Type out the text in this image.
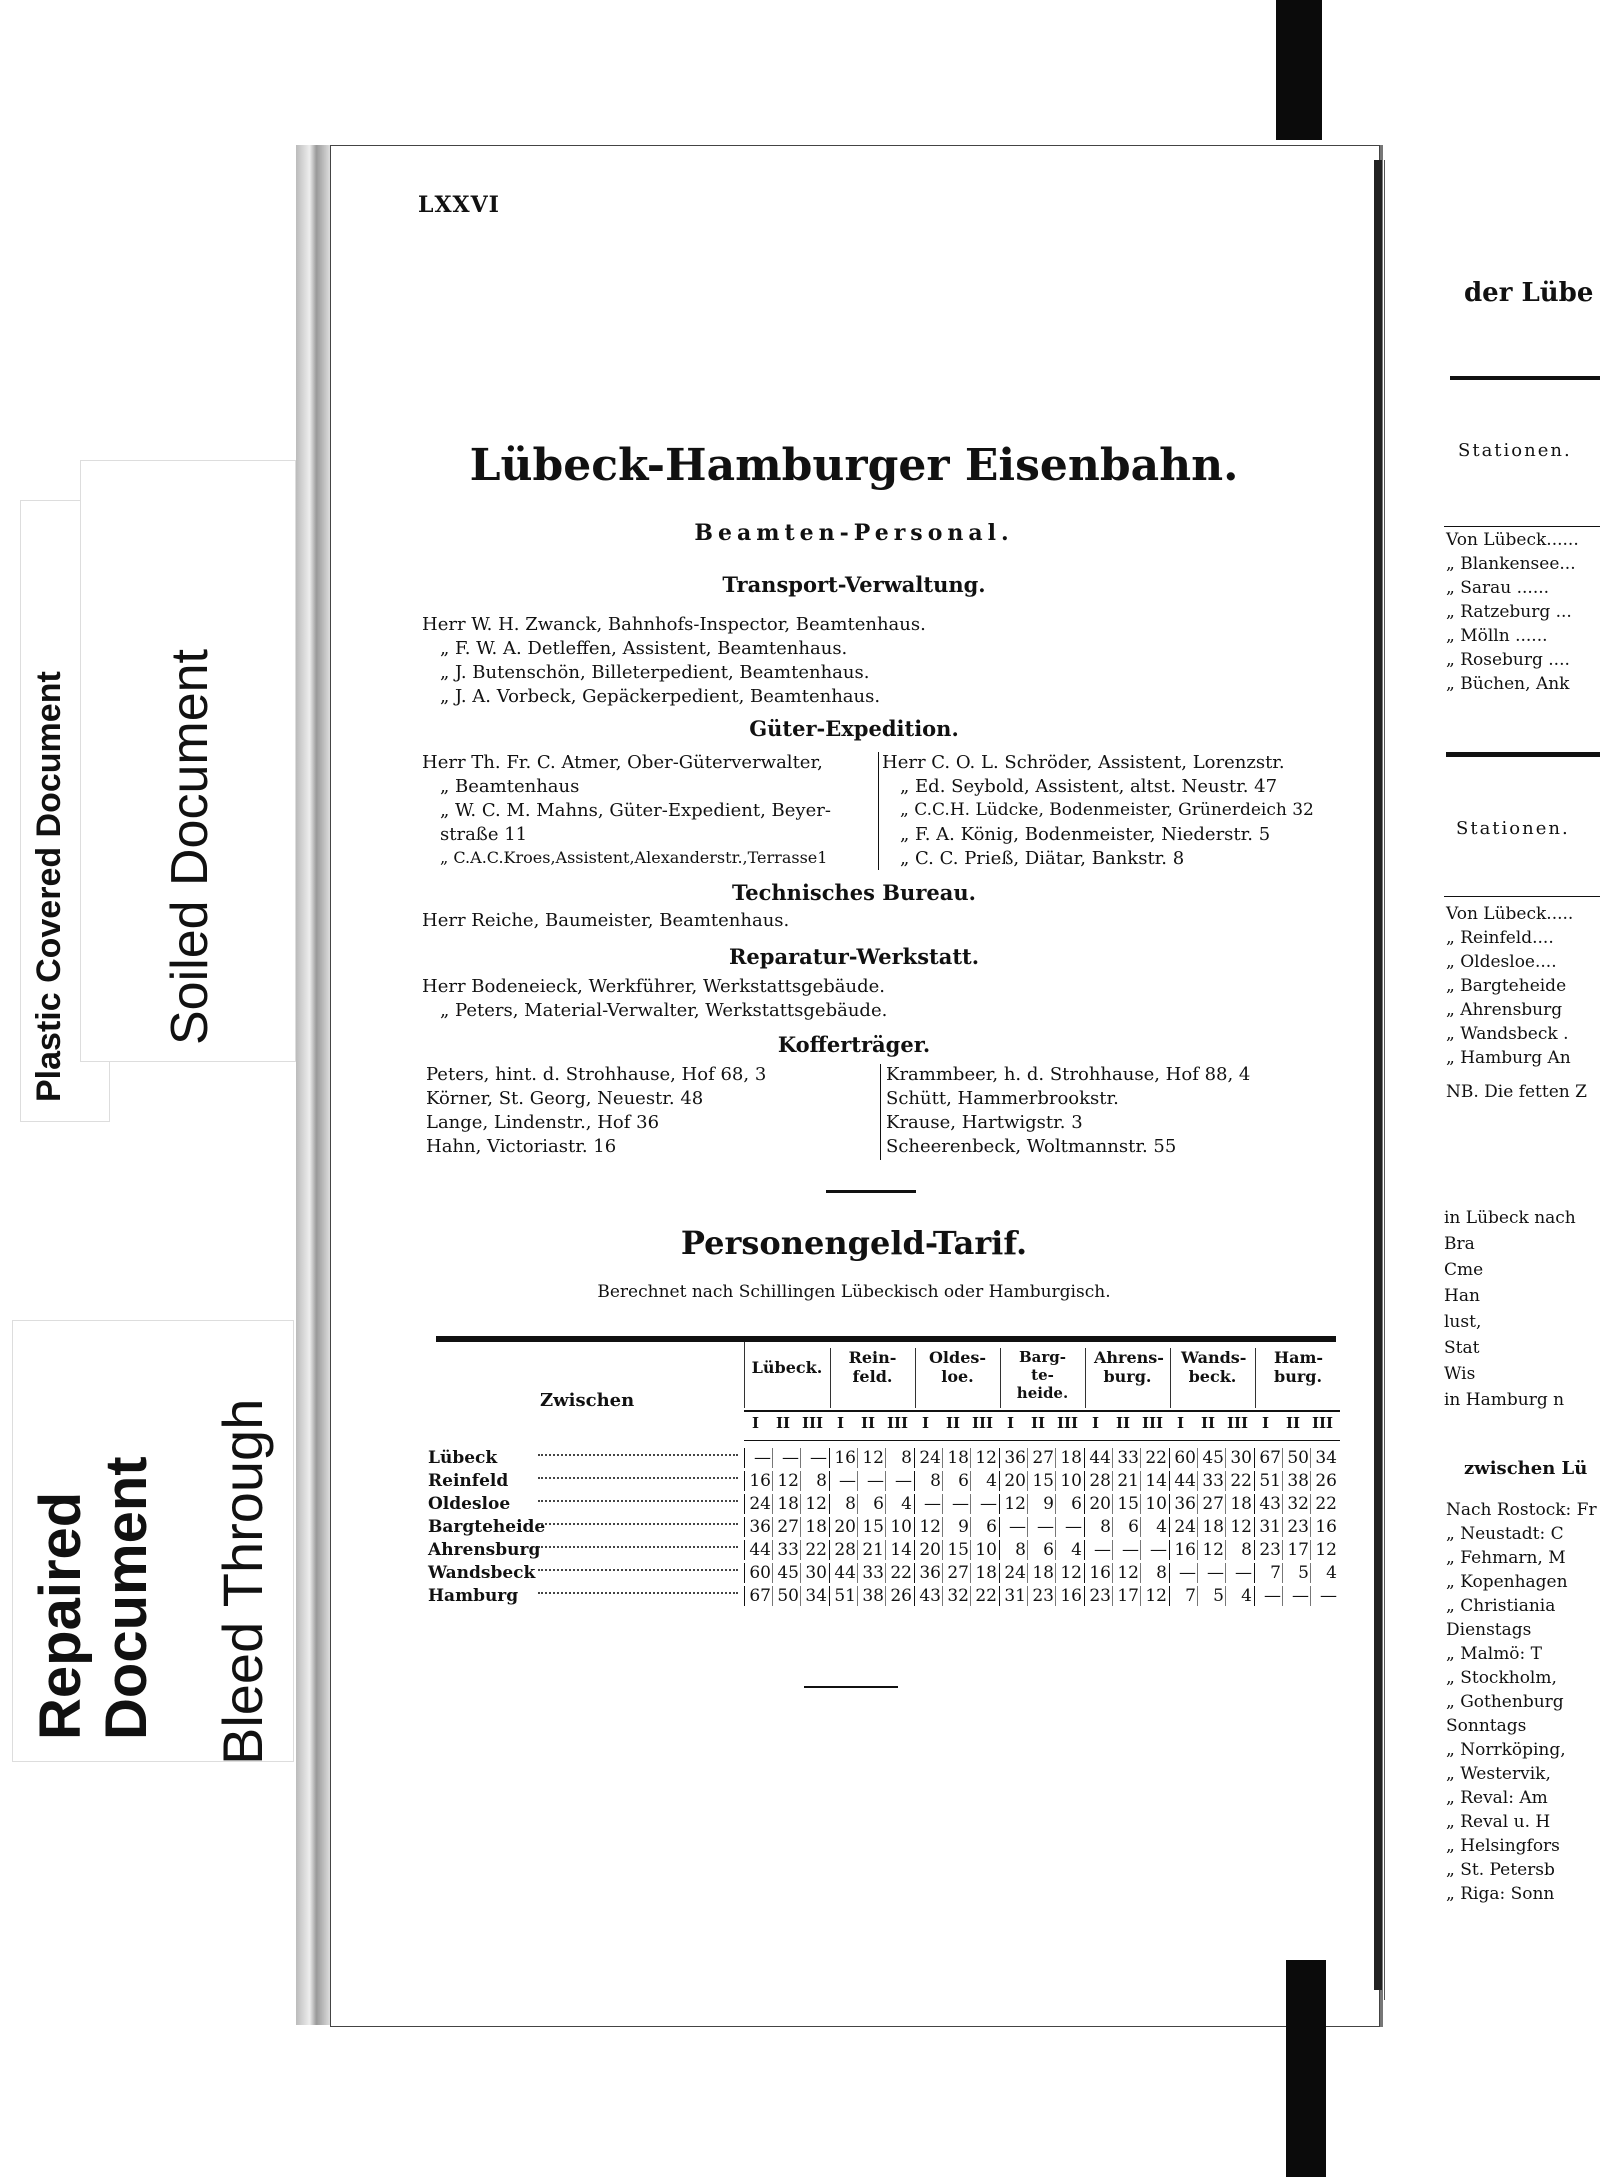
Plastic Covered Document Soiled Document
Repaired Document Bleed Through
LXXVI
Lübeck-Hamburger Eisenbahn.
Beamten-Personal.
Transport-Verwaltung.
Herr W. H. Zwanck, Bahnhofs-Inspector, Beamtenhaus.
„ F. W. A. Detleffen, Assistent, Beamtenhaus.
„ J. Butenschön, Billeterpedient, Beamtenhaus.
„ J. A. Vorbeck, Gepäckerpedient, Beamtenhaus.
Güter-Expedition.
Herr Th. Fr. C. Atmer, Ober-Güterverwalter,
„ Beamtenhaus
„ W. C. M. Mahns, Güter-Expedient, Beyer-
straße 11
„ C.A.C.Kroes,Assistent,Alexanderstr.,Terrasse1
Herr C. O. L. Schröder, Assistent, Lorenzstr.
„ Ed. Seybold, Assistent, altst. Neustr. 47
„ C.C.H. Lüdcke, Bodenmeister, Grünerdeich 32
„ F. A. König, Bodenmeister, Niederstr. 5
„ C. C. Prieß, Diätar, Bankstr. 8
Technisches Bureau.
Herr Reiche, Baumeister, Beamtenhaus.
Reparatur-Werkstatt.
Herr Bodeneieck, Werkführer, Werkstattsgebäude.
„ Peters, Material-Verwalter, Werkstattsgebäude.
Kofferträger.
Peters, hint. d. Strohhause, Hof 68, 3
Körner, St. Georg, Neuestr. 48
Lange, Lindenstr., Hof 36
Hahn, Victoriastr. 16
Krammbeer, h. d. Strohhause, Hof 88, 4
Schütt, Hammerbrookstr.
Krause, Hartwigstr. 3
Scheerenbeck, Woltmannstr. 55
Personengeld-Tarif.
Berechnet nach Schillingen Lübeckisch oder Hamburgisch.
Zwischen
Lübeck.
Rein-feld.
Oldes-loe.
Barg-te-heide.
Ahrens-burg.
Wands-beck.
Ham-burg.
I II III I II III I II III I II III I II III I II III I II III
Lübeck	— — — 16 12	8 24 18 12 36 27 18 44 33 22 60 45 30 67 50 34
Reinfeld	16 12	8 — — —	8	6	4 20 15 10 28 21 14 44 33 22 51 38 26
Oldesloe	24 18 12	8	6	4 — — — 12	9	6 20 15 10 36 27 18 43 32 22
Bargteheide	36 27 18 20 15 10 12	9	6 — — —	8	6	4 24 18 12 31 23 16
Ahrensburg	44 33 22 28 21 14 20 15 10	8	6	4 — — — 16 12	8 23 17 12
Wandsbeck	60 45 30 44 33 22 36 27 18 24 18 12 16 12	8 — — —	7	5	4
Hamburg	67 50 34 51 38 26 43 32 22 31 23 16 23 17 12	7	5	4 — — —
der Lübe
Stationen.
Von Lübeck......
„ Blankensee...
„ Sarau ......
„ Ratzeburg ...
„ Mölln ......
„ Roseburg ....
„ Büchen, Ank
Stationen.
Von Lübeck.....
„ Reinfeld....
„ Oldesloe....
„ Bargteheide
„ Ahrensburg
„ Wandsbeck .
„ Hamburg An
NB. Die fetten Z
in Lübeck nach
Bra
Cme
Han
lust,
Stat
Wis
in Hamburg n
zwischen Lü
Nach Rostock: Fr
„ Neustadt: C
„ Fehmarn, M
„ Kopenhagen
„ Christiania
Dienstags
„ Malmö: T
„ Stockholm,
„ Gothenburg
Sonntags
„ Norrköping,
„ Westervik,
„ Reval: Am
„ Reval u. H
„ Helsingfors
„ St. Petersb
„ Riga: Sonn
